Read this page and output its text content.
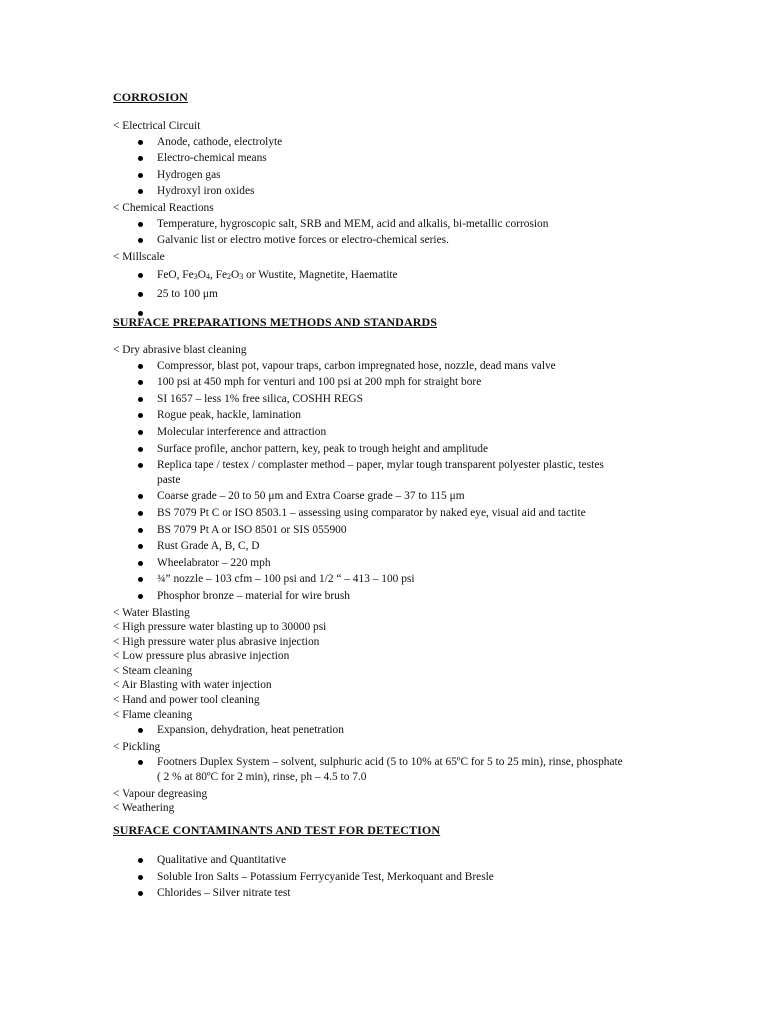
CORROSION
< Electrical Circuit
Anode, cathode, electrolyte
Electro-chemical means
Hydrogen gas
Hydroxyl iron oxides
< Chemical Reactions
Temperature, hygroscopic salt, SRB and MEM, acid and alkalis, bi-metallic corrosion
Galvanic list or electro motive forces or electro-chemical series.
< Millscale
FeO, $Fe_3O_4$, $Fe_2O_3$ or Wustite, Magnetite, Haematite
25 to 100 μm

SURFACE PREPARATIONS METHODS AND STANDARDS
< Dry abrasive blast cleaning
Compressor, blast pot, vapour traps, carbon impregnated hose, nozzle, dead mans valve
100 psi at 450 mph for venturi and 100 psi at 200 mph for straight bore
SI 1657 – less 1% free silica, COSHH REGS
Rogue peak, hackle, lamination
Molecular interference and attraction
Surface profile, anchor pattern, key, peak to trough height and amplitude
Replica tape / testex / complaster method – paper, mylar tough transparent polyester plastic, testes paste
Coarse grade – 20 to 50 μm and Extra Coarse grade – 37 to 115 μm
BS 7079 Pt C or ISO 8503.1 – assessing using comparator by naked eye, visual aid and tactite
BS 7079 Pt A or ISO 8501 or SIS 055900
Rust Grade A, B, C, D
Wheelabrator – 220 mph
¾” nozzle – 103 cfm – 100 psi and 1/2 “ – 413 – 100 psi
Phosphor bronze – material for wire brush
< Water Blasting
< High pressure water blasting up to 30000 psi
< High pressure water plus abrasive injection
< Low pressure plus abrasive injection
< Steam cleaning
< Air Blasting with water injection
< Hand and power tool cleaning
< Flame cleaning
Expansion, dehydration, heat penetration
< Pickling
Footners Duplex System – solvent, sulphuric acid (5 to 10% at 65ºC for 5 to 25 min), rinse, phosphate ( 2 % at 80ºC for 2 min), rinse, ph – 4.5 to 7.0
< Vapour degreasing
< Weathering
SURFACE CONTAMINANTS AND TEST FOR DETECTION
Qualitative and Quantitative
Soluble Iron Salts – Potassium Ferrycyanide Test, Merkoquant and Bresle
Chlorides – Silver nitrate test
